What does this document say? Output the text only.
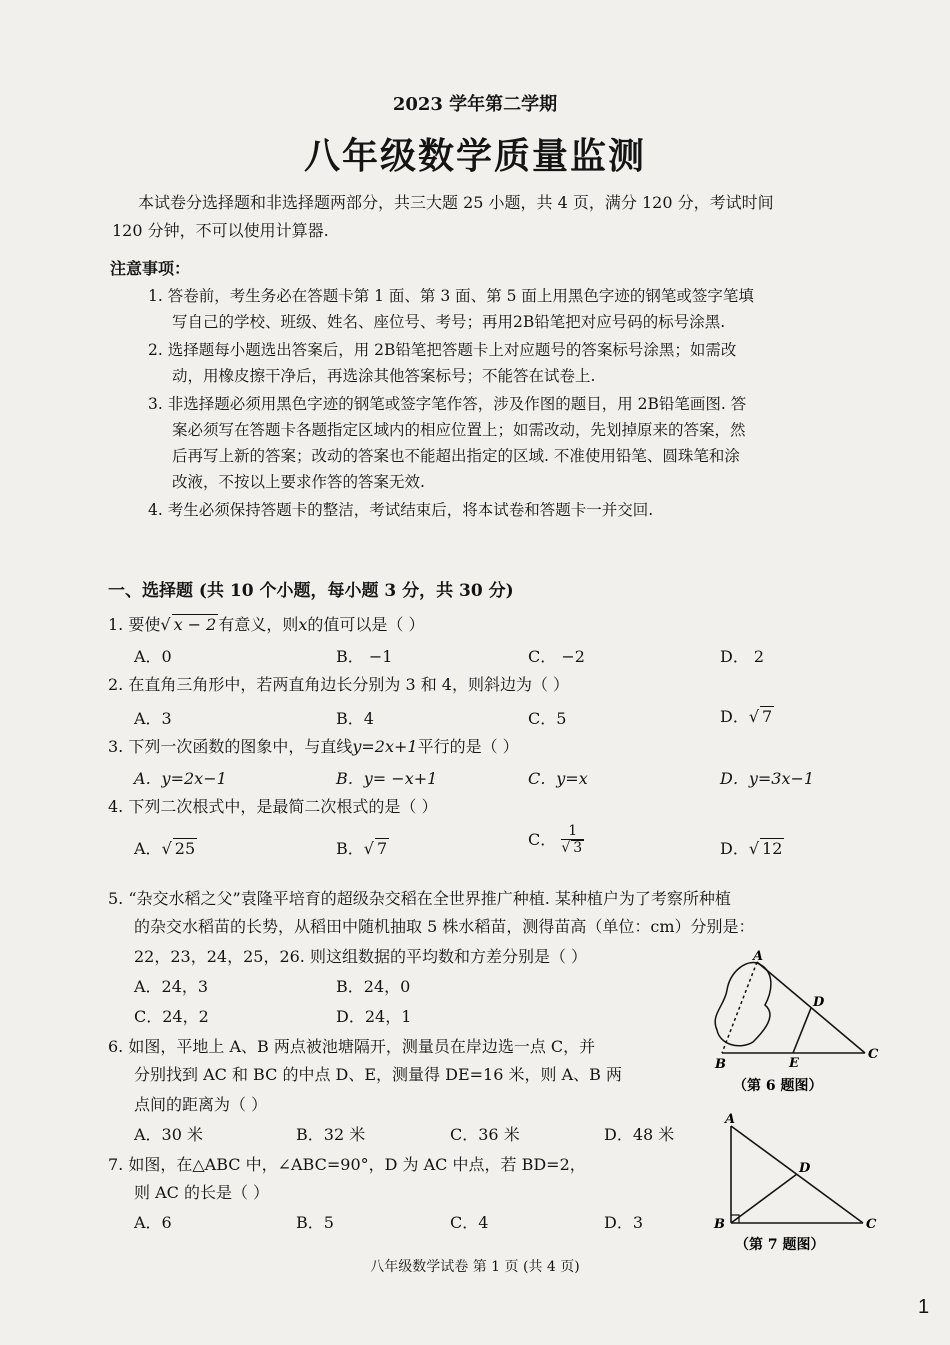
2023 学年第二学期
八年级数学质量监测
本试卷分选择题和非选择题两部分，共三大题 25 小题，共 4 页，满分 120 分，考试时间
120 分钟，不可以使用计算器.
注意事项：
1. 答卷前，考生务必在答题卡第 1 面、第 3 面、第 5 面上用黑色字迹的钢笔或签字笔填
写自己的学校、班级、姓名、座位号、考号；再用2B铅笔把对应号码的标号涂黑.
2. 选择题每小题选出答案后，用 2B铅笔把答题卡上对应题号的答案标号涂黑；如需改
动，用橡皮擦干净后，再选涂其他答案标号；不能答在试卷上.
3. 非选择题必须用黑色字迹的钢笔或签字笔作答，涉及作图的题目，用 2B铅笔画图. 答
案必须写在答题卡各题指定区域内的相应位置上；如需改动，先划掉原来的答案，然
后再写上新的答案；改动的答案也不能超出指定的区域. 不准使用铅笔、圆珠笔和涂
改液，不按以上要求作答的答案无效.
4. 考生必须保持答题卡的整洁，考试结束后，将本试卷和答题卡一并交回.
一、选择题 (共 10 个小题，每小题 3 分，共 30 分)
1. 要使√ x − 2 有意义，则x的值可以是（ ）
A．0	B． −1	C． −2	D． 2
2. 在直角三角形中，若两直角边长分别为 3 和 4，则斜边为（ ）
A．3	B．4	C．5	D．√ 7
3. 下列一次函数的图象中，与直线y=2x+1平行的是（ ）
A．y=2x−1	B．y= −x+1	C．y=x	D．y=3x−1
4. 下列二次根式中，是最简二次根式的是（ ）
A．√ 25	B．√ 7	C． $\frac{1}{√ 3}$	D．√ 12
5. “杂交水稻之父”袁隆平培育的超级杂交稻在全世界推广种植. 某种植户为了考察所种植
的杂交水稻苗的长势，从稻田中随机抽取 5 株水稻苗，测得苗高（单位：cm）分别是：
22，23，24，25，26. 则这组数据的平均数和方差分别是（ ）
A．24，3	B．24，0
C．24，2	D．24，1
6. 如图，平地上 A、B 两点被池塘隔开，测量员在岸边选一点 C，并
分别找到 AC 和 BC 的中点 D、E，测量得 DE=16 米，则 A、B 两
点间的距离为（ ）
A．30 米	B．32 米	C．36 米	D．48 米
7. 如图，在△ABC 中，∠ABC=90°，D 为 AC 中点，若 BD=2，
则 AC 的长是（ ）
A．6	B．5	C．4	D．3
A
B
C
D
E
（第 6 题图）
A
B	C
D
（第 7 题图）
八年级数学试卷 第 1 页 (共 4 页)
1
